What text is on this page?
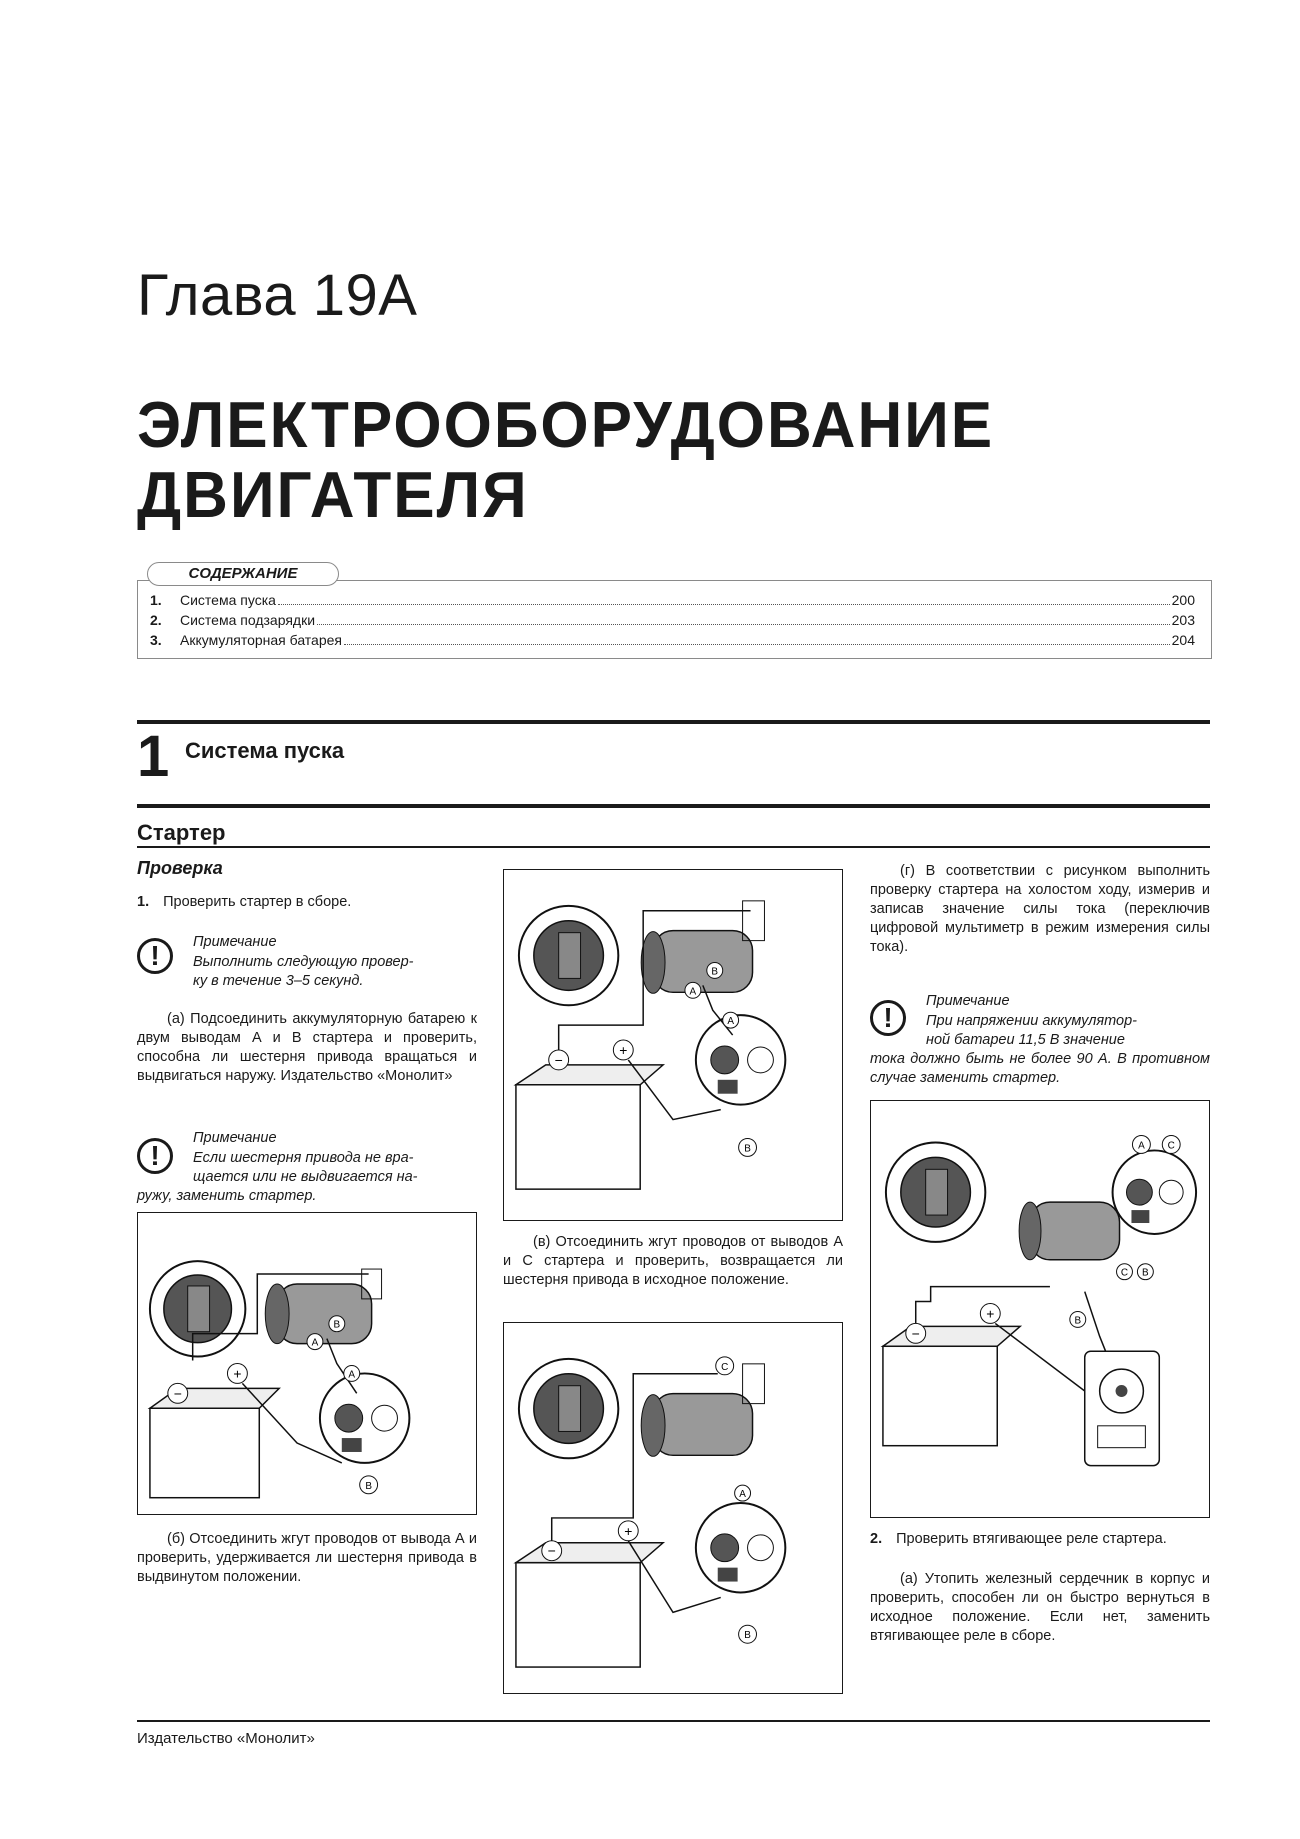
Глава 19А
ЭЛЕКТРООБОРУДОВАНИЕ
ДВИГАТЕЛЯ
СОДЕРЖАНИЕ
1.	Система пуска	200
2.	Система подзарядки	203
3.	Аккумуляторная батарея	204
1 Система пуска
Стартер
Проверка
1. Проверить стартер в сборе.
!	Примечание
Выполнить следующую провер-
ку в течение 3–5 секунд.
(а) Подсоединить аккумуляторную батарею к двум выводам А и В стартера и проверить, способна ли шестерня привода вращаться и выдвигаться наружу. Издательство «Монолит»
!
Примечание
Если шестерня привода не вра-
щается или не выдвигается на-
ружу, заменить стартер.
−
+
A
B
A
B
(б) Отсоединить жгут проводов от вывода А и проверить, удерживается ли шестерня привода в выдвинутом положении.
−
+
A
B
A
B
(в) Отсоединить жгут проводов от выводов А и С стартера и проверить, возвращается ли шестерня привода в исходное положение.
−
+
C
A
B
(г) В соответствии с рисунком выполнить проверку стартера на холостом ходу, измерив и записав значение силы тока (переключив цифровой мультиметр в режим измерения силы тока).
!
Примечание
При напряжении аккумулятор-
ной батареи 11,5 В значение
тока должно быть не более 90 А. В противном случае заменить стартер.
−
+
A C
C B
B
2. Проверить втягивающее реле стартера.
(а) Утопить железный сердечник в корпус и проверить, способен ли он быстро вернуться в исходное положение. Если нет, заменить втягивающее реле в сборе.
Издательство «Монолит»
